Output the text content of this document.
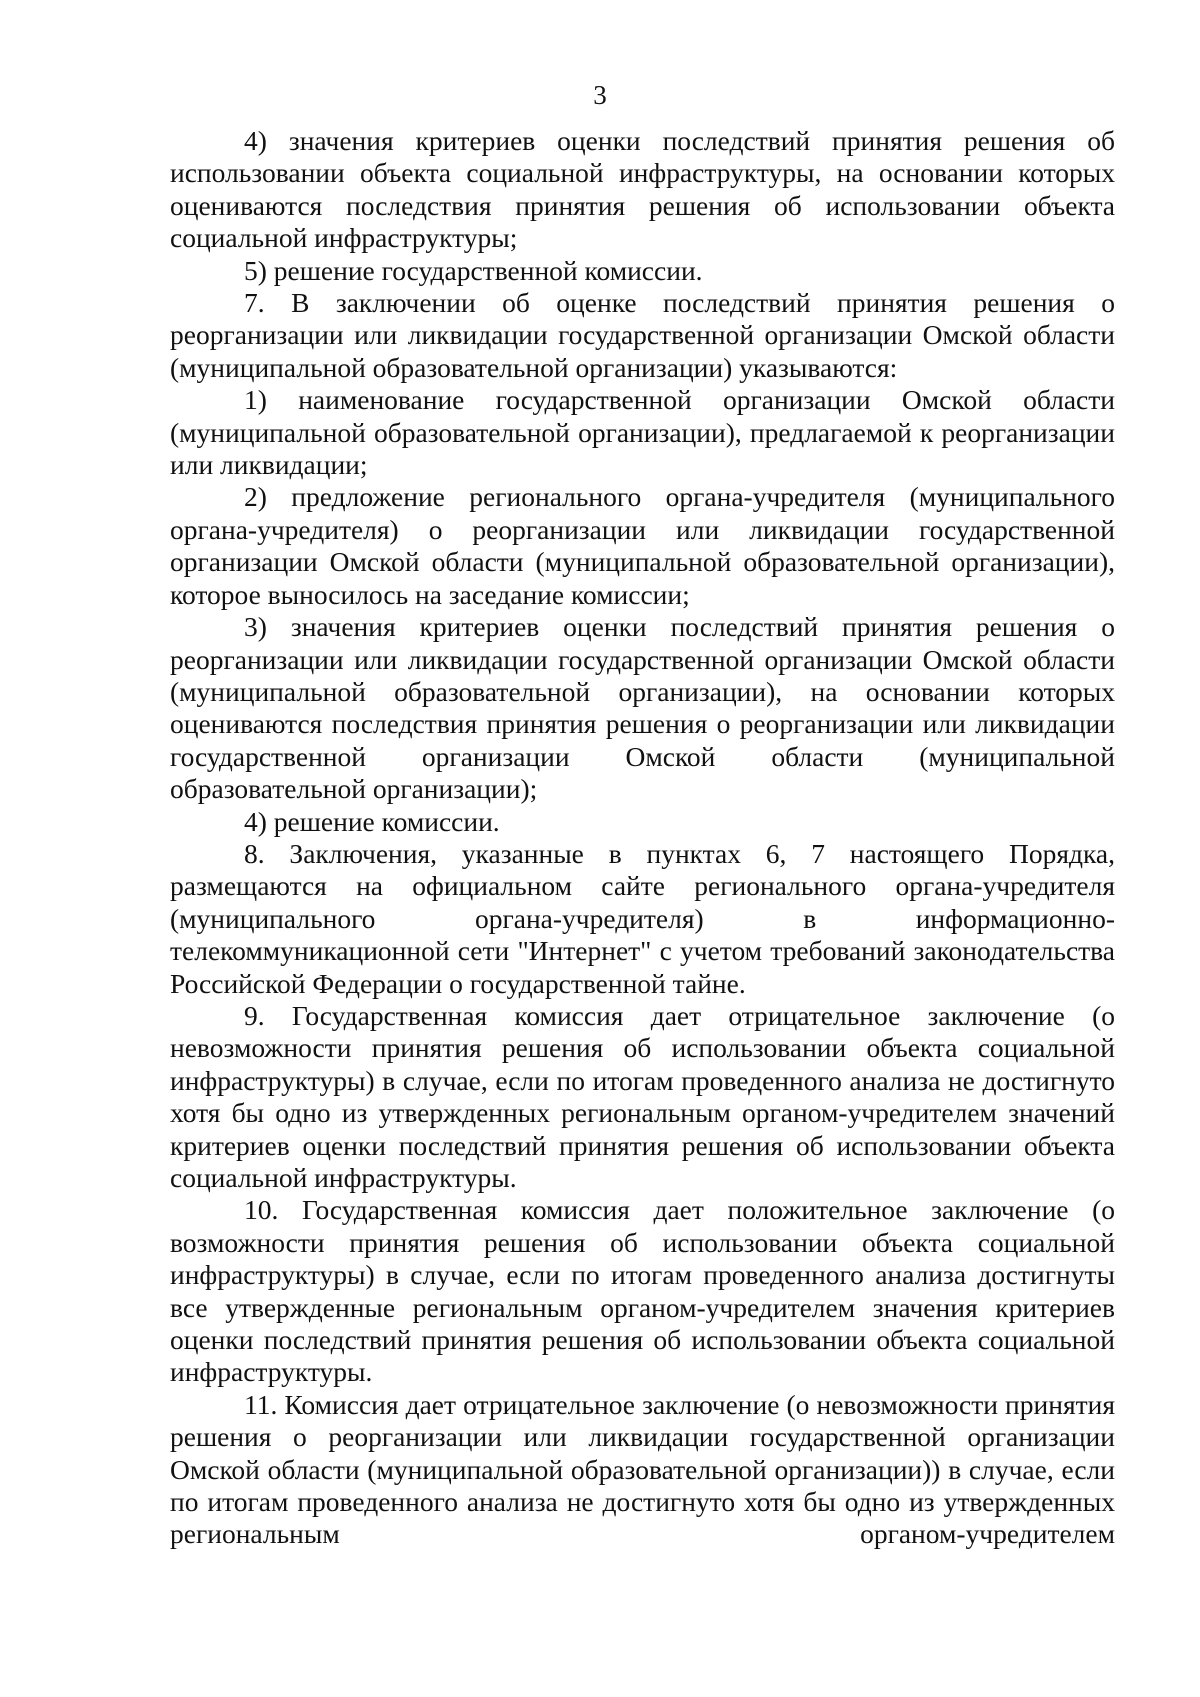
3

4) значения критериев оценки последствий принятия решения об использовании объекта социальной инфраструктуры, на основании которых оцениваются последствия принятия решения об использовании объекта социальной инфраструктуры;

5) решение государственной комиссии.

7. В заключении об оценке последствий принятия решения о реорганизации или ликвидации государственной организации Омской области (муниципальной образовательной организации) указываются:

1) наименование государственной организации Омской области (муниципальной образовательной организации), предлагаемой к реорганизации или ликвидации;

2) предложение регионального органа-учредителя (муниципального органа-учредителя) о реорганизации или ликвидации государственной организации Омской области (муниципальной образовательной организации), которое выносилось на заседание комиссии;

3) значения критериев оценки последствий принятия решения о реорганизации или ликвидации государственной организации Омской области (муниципальной образовательной организации), на основании которых оцениваются последствия принятия решения о реорганизации или ликвидации государственной организации Омской области (муниципальной образовательной организации);

4) решение комиссии.

8. Заключения, указанные в пунктах 6, 7 настоящего Порядка, размещаются на официальном сайте регионального органа-учредителя (муниципального органа-учредителя) в информационно-телекоммуникационной сети "Интернет" с учетом требований законодательства Российской Федерации о государственной тайне.

9. Государственная комиссия дает отрицательное заключение (о невозможности принятия решения об использовании объекта социальной инфраструктуры) в случае, если по итогам проведенного анализа не достигнуто хотя бы одно из утвержденных региональным органом-учредителем значений критериев оценки последствий принятия решения об использовании объекта социальной инфраструктуры.

10. Государственная комиссия дает положительное заключение (о возможности принятия решения об использовании объекта социальной инфраструктуры) в случае, если по итогам проведенного анализа достигнуты все утвержденные региональным органом-учредителем значения критериев оценки последствий принятия решения об использовании объекта социальной инфраструктуры.

11. Комиссия дает отрицательное заключение (о невозможности принятия решения о реорганизации или ликвидации государственной организации Омской области (муниципальной образовательной организации)) в случае, если по итогам проведенного анализа не достигнуто хотя бы одно из утвержденных региональным органом-учредителем
